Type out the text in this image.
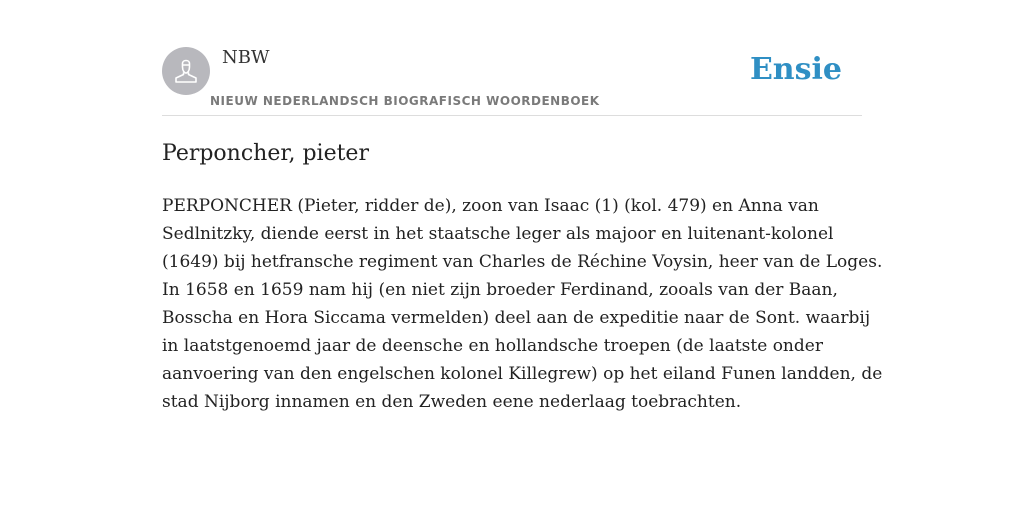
NBW
NIEUW NEDERLANDSCH BIOGRAFISCH WOORDENBOEK
Ensie
Perponcher, pieter
PERPONCHER (Pieter, ridder de), zoon van Isaac (1) (kol. 479) en Anna van
Sedlnitzky, diende eerst in het staatsche leger als majoor en luitenant-kolonel
(1649) bij hetfransche regiment van Charles de Réchine Voysin, heer van de Loges.
In 1658 en 1659 nam hij (en niet zijn broeder Ferdinand, zooals van der Baan,
Bosscha en Hora Siccama vermelden) deel aan de expeditie naar de Sont. waarbij
in laatstgenoemd jaar de deensche en hollandsche troepen (de laatste onder
aanvoering van den engelschen kolonel Killegrew) op het eiland Funen landden, de
stad Nijborg innamen en den Zweden eene nederlaag toebrachten.
